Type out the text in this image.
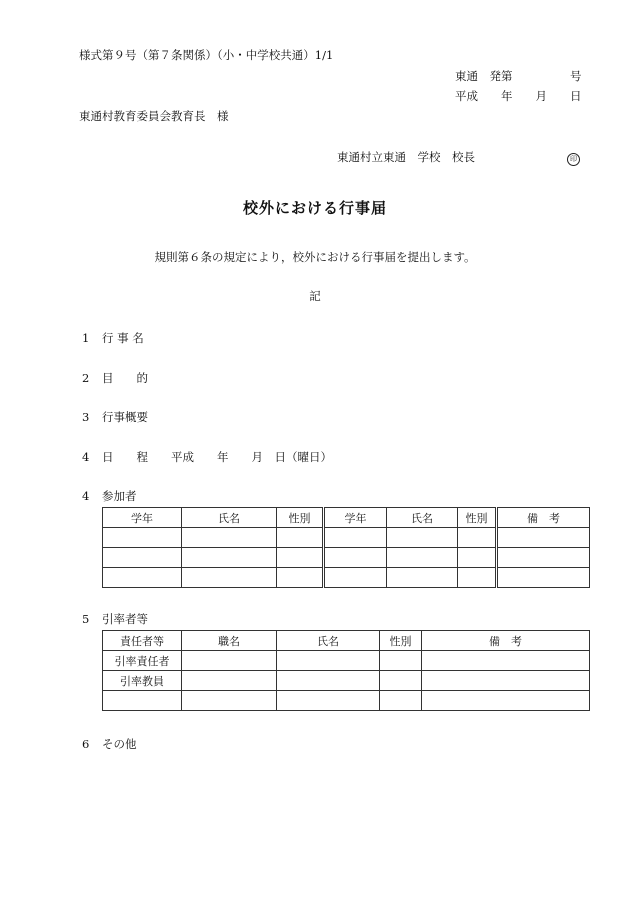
様式第９号（第７条関係）（小・中学校共通）1/1
東通　発第　　　　　号
平成　　年　　月　　日
東通村教育委員会教育長　様
東通村立東通　学校　校長	印
校外における行事届
規則第６条の規定により，校外における行事届を提出します。
記
1 行 事 名
2 目　　的
3 行事概要
4 日　　程　　平成　　年　　月　日（曜日）
4 参加者
学年	氏名	性別	学年	氏名	性別	備　考

5 引率者等
責任者等	職名	氏名	性別	備　考
引率責任者				
引率教員				

6 その他
